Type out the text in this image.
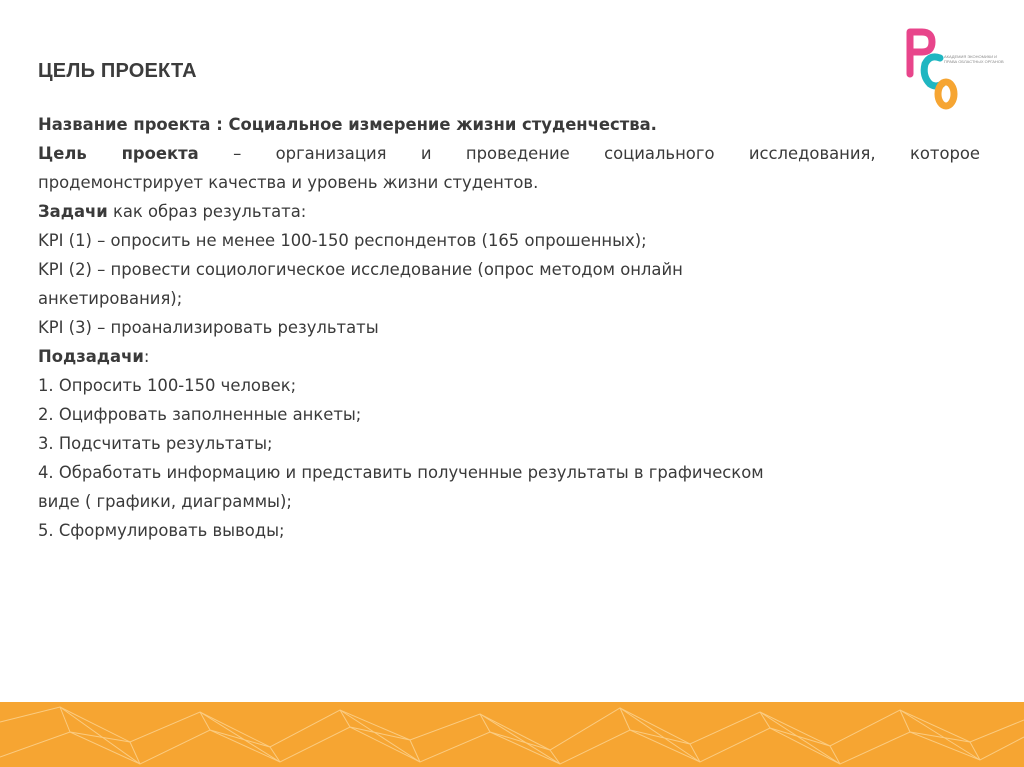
ЦЕЛЬ ПРОЕКТА
АКАДЕМИЯ ЭКОНОМИКИ И ПРАВА ОБЛАСТНЫХ ОРГАНОВ

Название проекта : Социальное измерение жизни студенчества.

Цель проекта – организация и проведение социального исследования, которое

продемонстрирует качества и уровень жизни студентов.

Задачи как образ результата:

KPI (1) – опросить не менее 100-150 респондентов (165 опрошенных);

KPI (2) – провести социологическое исследование (опрос методом онлайн

анкетирования);

KPI (3) – проанализировать результаты

Подзадачи:

1. Опросить 100-150 человек;

2. Оцифровать заполненные анкеты;

3. Подсчитать результаты;

4. Обработать информацию и представить полученные результаты в графическом

виде ( графики, диаграммы);

5. Сформулировать выводы;
